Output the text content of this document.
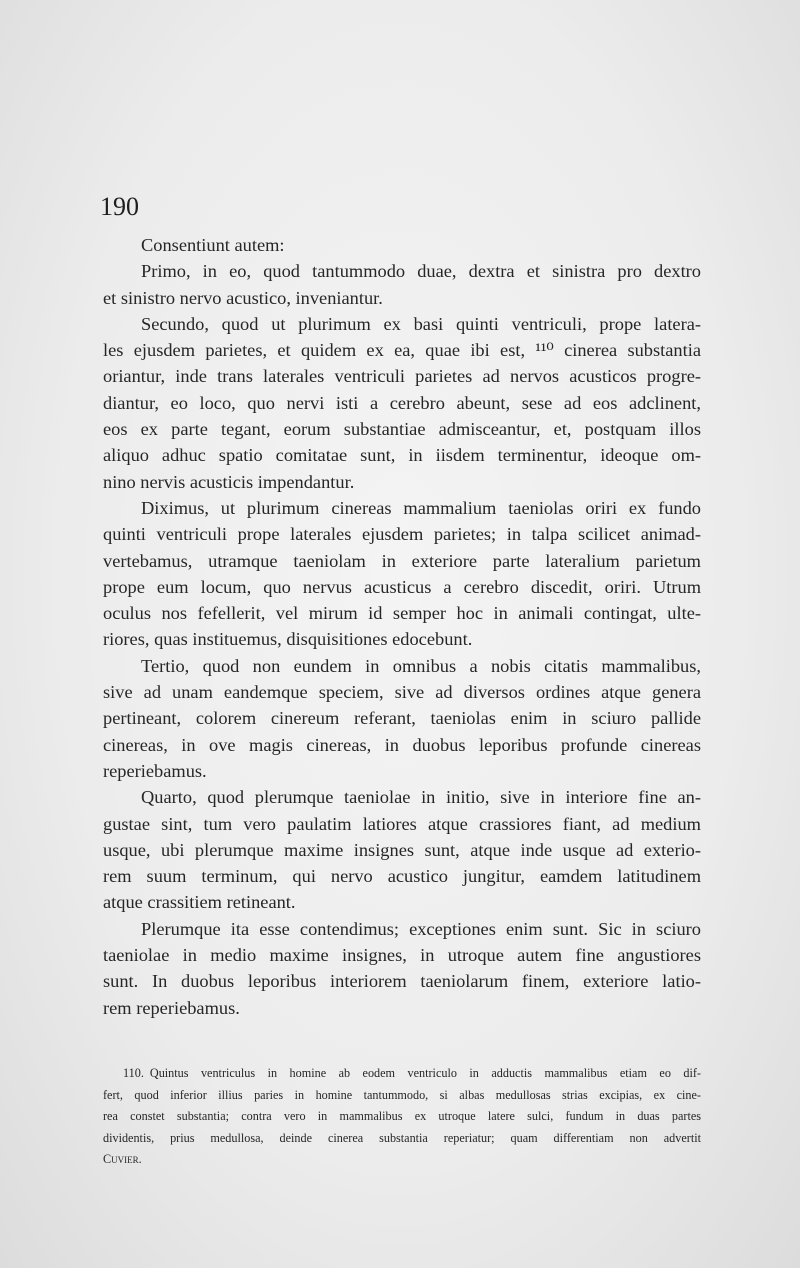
190
Consentiunt autem:
Primo, in eo, quod tantummodo duae, dextra et sinistra pro dextro
et sinistro nervo acustico, inveniantur.
Secundo, quod ut plurimum ex basi quinti ventriculi, prope latera-
les ejusdem parietes, et quidem ex ea, quae ibi est, ¹¹⁰ cinerea substantia
oriantur, inde trans laterales ventriculi parietes ad nervos acusticos progre-
diantur, eo loco, quo nervi isti a cerebro abeunt, sese ad eos adclinent,
eos ex parte tegant, eorum substantiae admisceantur, et, postquam illos
aliquo adhuc spatio comitatae sunt, in iisdem terminentur, ideoque om-
nino nervis acusticis impendantur.
Diximus, ut plurimum cinereas mammalium taeniolas oriri ex fundo
quinti ventriculi prope laterales ejusdem parietes; in talpa scilicet animad-
vertebamus, utramque taeniolam in exteriore parte lateralium parietum
prope eum locum, quo nervus acusticus a cerebro discedit, oriri. Utrum
oculus nos fefellerit, vel mirum id semper hoc in animali contingat, ulte-
riores, quas instituemus, disquisitiones edocebunt.
Tertio, quod non eundem in omnibus a nobis citatis mammalibus,
sive ad unam eandemque speciem, sive ad diversos ordines atque genera
pertineant, colorem cinereum referant, taeniolas enim in sciuro pallide
cinereas, in ove magis cinereas, in duobus leporibus profunde cinereas
reperiebamus.
Quarto, quod plerumque taeniolae in initio, sive in interiore fine an-
gustae sint, tum vero paulatim latiores atque crassiores fiant, ad medium
usque, ubi plerumque maxime insignes sunt, atque inde usque ad exterio-
rem suum terminum, qui nervo acustico jungitur, eamdem latitudinem
atque crassitiem retineant.
Plerumque ita esse contendimus; exceptiones enim sunt. Sic in sciuro
taeniolae in medio maxime insignes, in utroque autem fine angustiores
sunt. In duobus leporibus interiorem taeniolarum finem, exteriore latio-
rem reperiebamus.
110. Quintus ventriculus in homine ab eodem ventriculo in adductis mammalibus etiam eo dif-
fert, quod inferior illius paries in homine tantummodo, si albas medullosas strias excipias, ex cine-
rea constet substantia; contra vero in mammalibus ex utroque latere sulci, fundum in duas partes
dividentis, prius medullosa, deinde cinerea substantia reperiatur; quam differentiam non advertit
Cuvier.
